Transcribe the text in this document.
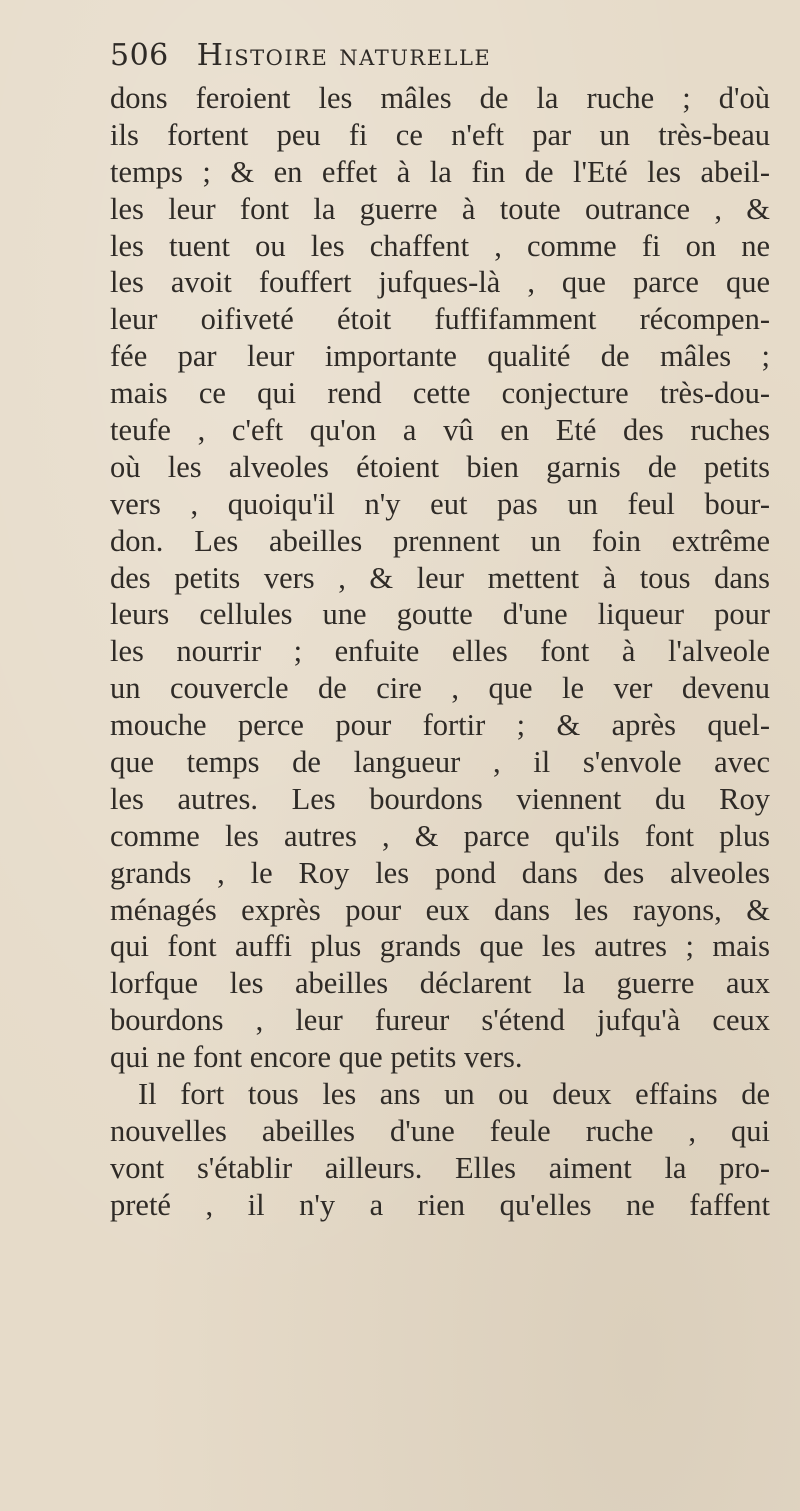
506 Histoire naturelle
dons feroient les mâles de la ruche ; d'où
ils fortent peu fi ce n'eft par un très-beau
temps ; & en effet à la fin de l'Eté les abeil-
les leur font la guerre à toute outrance , &
les tuent ou les chaffent , comme fi on ne
les avoit fouffert jufques-là , que parce que
leur oifiveté étoit fuffifamment récompen-
fée par leur importante qualité de mâles ;
mais ce qui rend cette conjecture très-dou-
teufe , c'eft qu'on a vû en Eté des ruches
où les alveoles étoient bien garnis de petits
vers , quoiqu'il n'y eut pas un feul bour-
don. Les abeilles prennent un foin extrême
des petits vers , & leur mettent à tous dans
leurs cellules une goutte d'une liqueur pour
les nourrir ; enfuite elles font à l'alveole
un couvercle de cire , que le ver devenu
mouche perce pour fortir ; & après quel-
que temps de langueur , il s'envole avec
les autres. Les bourdons viennent du Roy
comme les autres , & parce qu'ils font plus
grands , le Roy les pond dans des alveoles
ménagés exprès pour eux dans les rayons, &
qui font auffi plus grands que les autres ; mais
lorfque les abeilles déclarent la guerre aux
bourdons , leur fureur s'étend jufqu'à ceux
qui ne font encore que petits vers.
Il fort tous les ans un ou deux effains de
nouvelles abeilles d'une feule ruche , qui
vont s'établir ailleurs. Elles aiment la pro-
preté , il n'y a rien qu'elles ne faffent
